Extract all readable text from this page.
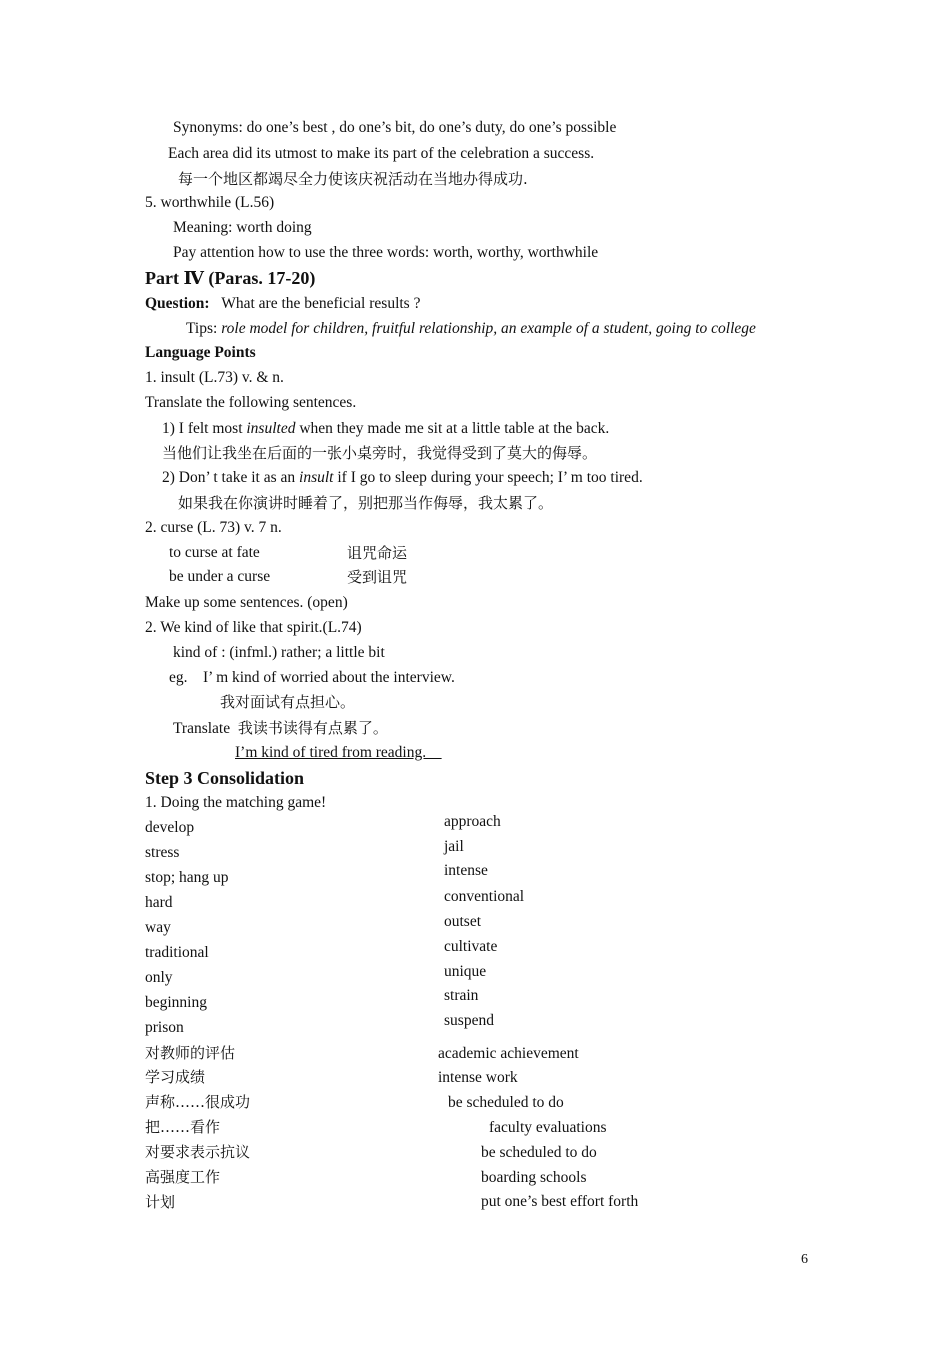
Synonyms: do one’s best , do one’s bit, do one’s duty, do one’s possible
Each area did its utmost to make its part of the celebration a success.
每一个地区都竭尽全力使该庆祝活动在当地办得成功.
5. worthwhile (L.56)
Meaning: worth doing
Pay attention how to use the three words: worth, worthy, worthwhile
Part Ⅳ (Paras. 17-20)
Question: What are the beneficial results ?
Tips: role model for children, fruitful relationship, an example of a student, going to college
Language Points
1. insult (L.73) v. & n.
Translate the following sentences.
1) I felt most insulted when they made me sit at a little table at the back.
当他们让我坐在后面的一张小桌旁时，我觉得受到了莫大的侮辱。
2) Don’ t take it as an insult if I go to sleep during your speech; I’ m too tired.
如果我在你演讲时睡着了，别把那当作侮辱，我太累了。
2. curse (L. 73) v. 7 n.
to curse at fate	诅咒命运
be under a curse	受到诅咒
Make up some sentences. (open)
2. We kind of like that spirit.(L.74)
kind of : (infml.) rather; a little bit
eg. I’ m kind of worried about the interview.
我对面试有点担心。
Translate 我读书读得有点累了。
I’m kind of tired from reading.
Step 3 Consolidation
1. Doing the matching game!
develop
stress
stop; hang up
hard
way
traditional
only
beginning
prison
approach
jail
intense
conventional
outset
cultivate
unique
strain
suspend
对教师的评估
学习成绩
声称……很成功
把……看作
对要求表示抗议
高强度工作
计划
academic achievement
intense work
be scheduled to do
faculty evaluations
be scheduled to do
boarding schools
put one’s best effort forth
6
